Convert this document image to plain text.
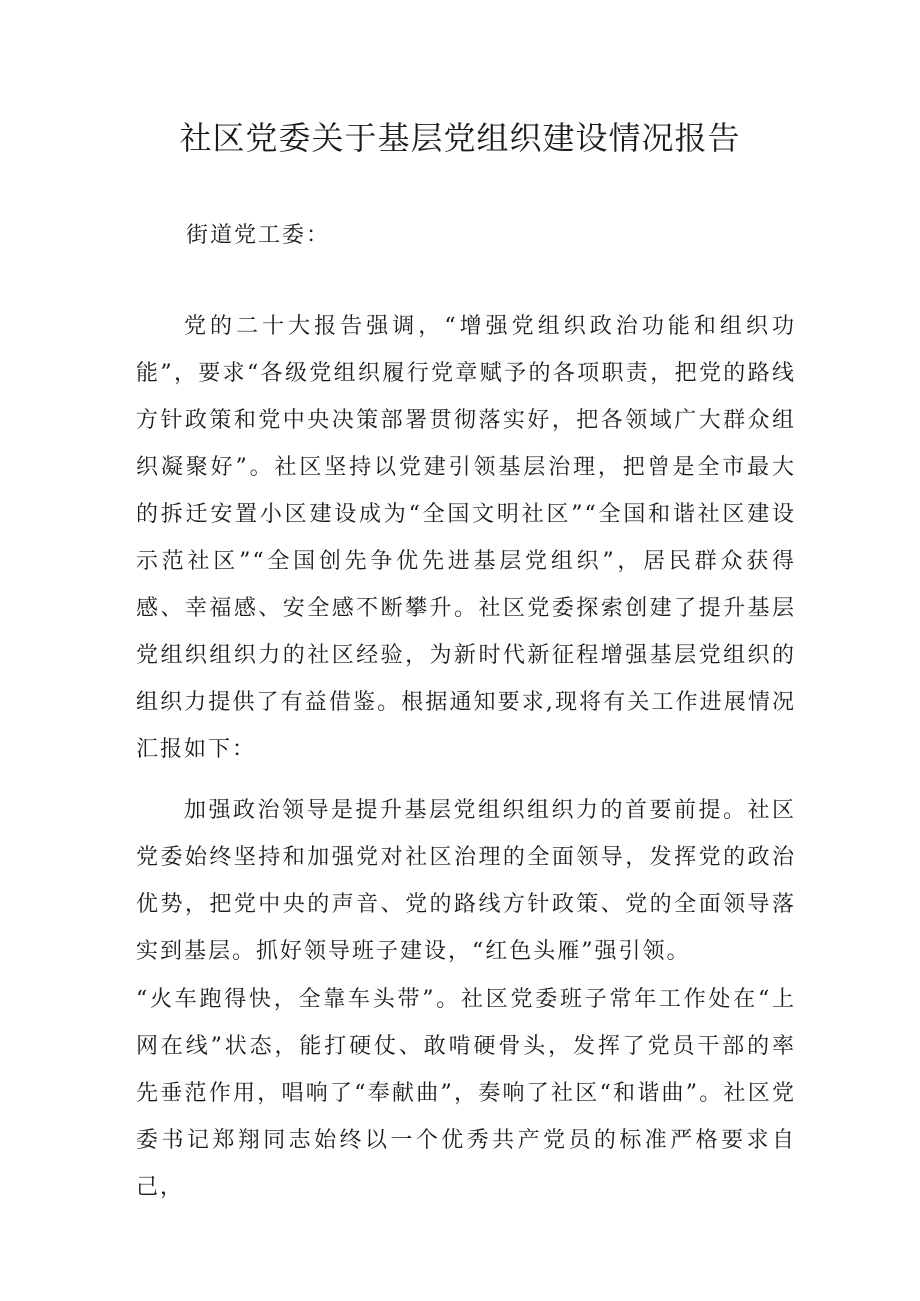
社区党委关于基层党组织建设情况报告

街道党工委：

党的二十大报告强调，“增强党组织政治功能和组织功能”，要求“各级党组织履行党章赋予的各项职责，把党的路线方针政策和党中央决策部署贯彻落实好，把各领域广大群众组织凝聚好”。社区坚持以党建引领基层治理，把曾是全市最大的拆迁安置小区建设成为“全国文明社区”“全国和谐社区建设示范社区”“全国创先争优先进基层党组织”，居民群众获得感、幸福感、安全感不断攀升。社区党委探索创建了提升基层党组织组织力的社区经验，为新时代新征程增强基层党组织的组织力提供了有益借鉴。根据通知要求,现将有关工作进展情况汇报如下：

加强政治领导是提升基层党组织组织力的首要前提。社区党委始终坚持和加强党对社区治理的全面领导，发挥党的政治优势，把党中央的声音、党的路线方针政策、党的全面领导落实到基层。抓好领导班子建设，“红色头雁”强引领。

“火车跑得快，全靠车头带”。社区党委班子常年工作处在“上网在线”状态，能打硬仗、敢啃硬骨头，发挥了党员干部的率先垂范作用，唱响了“奉献曲”，奏响了社区“和谐曲”。社区党委书记郑翔同志始终以一个优秀共产党员的标准严格要求自己，
